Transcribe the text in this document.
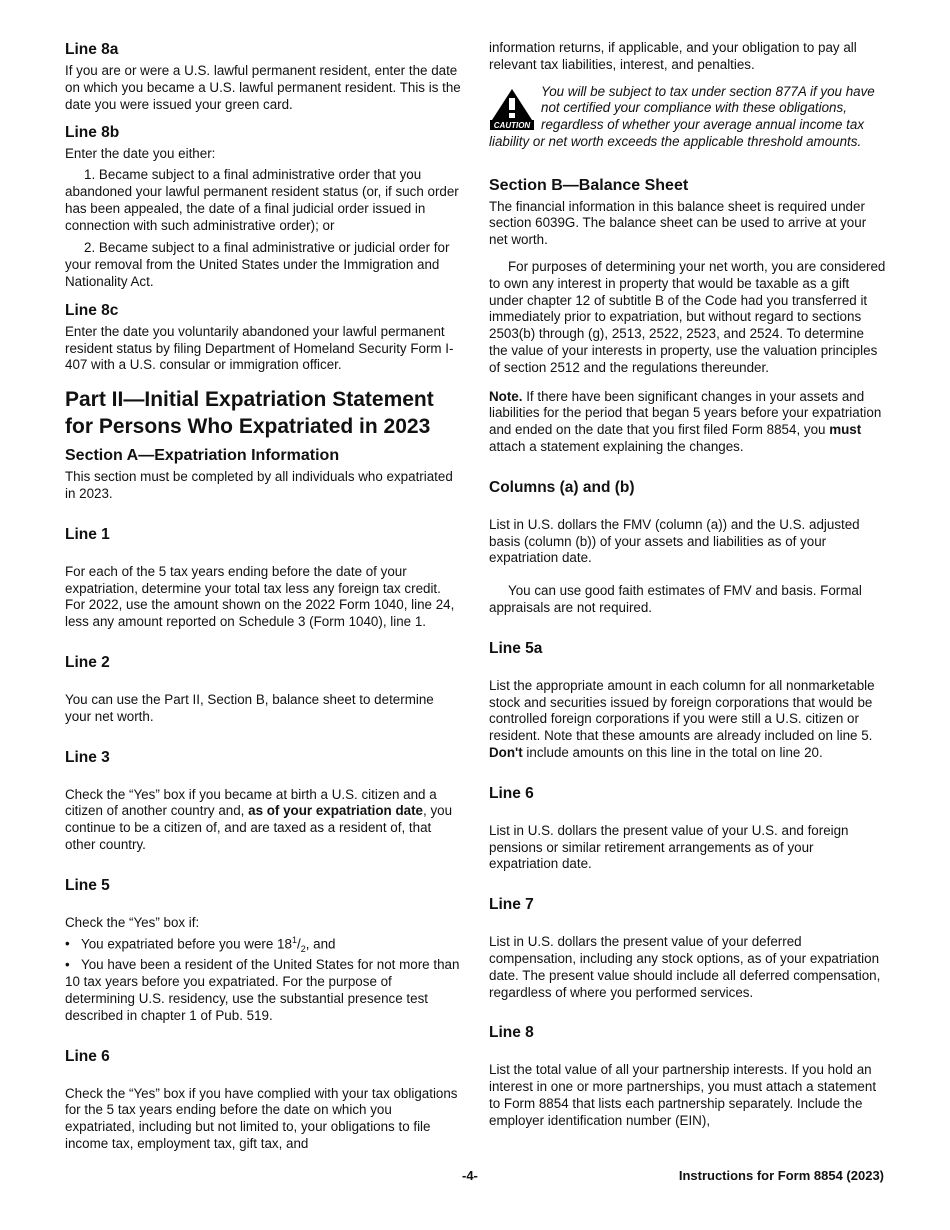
Line 8a

If you are or were a U.S. lawful permanent resident, enter the date on which you became a U.S. lawful permanent resident. This is the date you were issued your green card.

Line 8b

Enter the date you either:

1. Became subject to a final administrative order that you abandoned your lawful permanent resident status (or, if such order has been appealed, the date of a final judicial order issued in connection with such administrative order); or

2. Became subject to a final administrative or judicial order for your removal from the United States under the Immigration and Nationality Act.

Line 8c

Enter the date you voluntarily abandoned your lawful permanent resident status by filing Department of Homeland Security Form I-407 with a U.S. consular or immigration officer.

Part II—Initial Expatriation Statement for Persons Who Expatriated in 2023
Section A—Expatriation Information

This section must be completed by all individuals who expatriated in 2023.

Line 1

For each of the 5 tax years ending before the date of your expatriation, determine your total tax less any foreign tax credit. For 2022, use the amount shown on the 2022 Form 1040, line 24, less any amount reported on Schedule 3 (Form 1040), line 1.

Line 2

You can use the Part II, Section B, balance sheet to determine your net worth.

Line 3

Check the “Yes” box if you became at birth a U.S. citizen and a citizen of another country and, as of your expatriation date, you continue to be a citizen of, and are taxed as a resident of, that other country.

Line 5

Check the “Yes” box if:

• You expatriated before you were $18^1/_2$, and

• You have been a resident of the United States for not more than 10 tax years before you expatriated. For the purpose of determining U.S. residency, use the substantial presence test described in chapter 1 of Pub. 519.

Line 6

Check the “Yes” box if you have complied with your tax obligations for the 5 tax years ending before the date on which you expatriated, including but not limited to, your obligations to file income tax, employment tax, gift tax, and

information returns, if applicable, and your obligation to pay all relevant tax liabilities, interest, and penalties.

CAUTION
You will be subject to tax under section 877A if you have not certified your compliance with these obligations, regardless of whether your average annual income tax liability or net worth exceeds the applicable threshold amounts.
Section B—Balance Sheet

The financial information in this balance sheet is required under section 6039G. The balance sheet can be used to arrive at your net worth.

For purposes of determining your net worth, you are considered to own any interest in property that would be taxable as a gift under chapter 12 of subtitle B of the Code had you transferred it immediately prior to expatriation, but without regard to sections 2503(b) through (g), 2513, 2522, 2523, and 2524. To determine the value of your interests in property, use the valuation principles of section 2512 and the regulations thereunder.

Note. If there have been significant changes in your assets and liabilities for the period that began 5 years before your expatriation and ended on the date that you first filed Form 8854, you must attach a statement explaining the changes.

Columns (a) and (b)

List in U.S. dollars the FMV (column (a)) and the U.S. adjusted basis (column (b)) of your assets and liabilities as of your expatriation date.

You can use good faith estimates of FMV and basis. Formal appraisals are not required.

Line 5a

List the appropriate amount in each column for all nonmarketable stock and securities issued by foreign corporations that would be controlled foreign corporations if you were still a U.S. citizen or resident. Note that these amounts are already included on line 5. Don't include amounts on this line in the total on line 20.

Line 6

List in U.S. dollars the present value of your U.S. and foreign pensions or similar retirement arrangements as of your expatriation date.

Line 7

List in U.S. dollars the present value of your deferred compensation, including any stock options, as of your expatriation date. The present value should include all deferred compensation, regardless of where you performed services.

Line 8

List the total value of all your partnership interests. If you hold an interest in one or more partnerships, you must attach a statement to Form 8854 that lists each partnership separately. Include the employer identification number (EIN),

-4-	Instructions for Form 8854 (2023)
